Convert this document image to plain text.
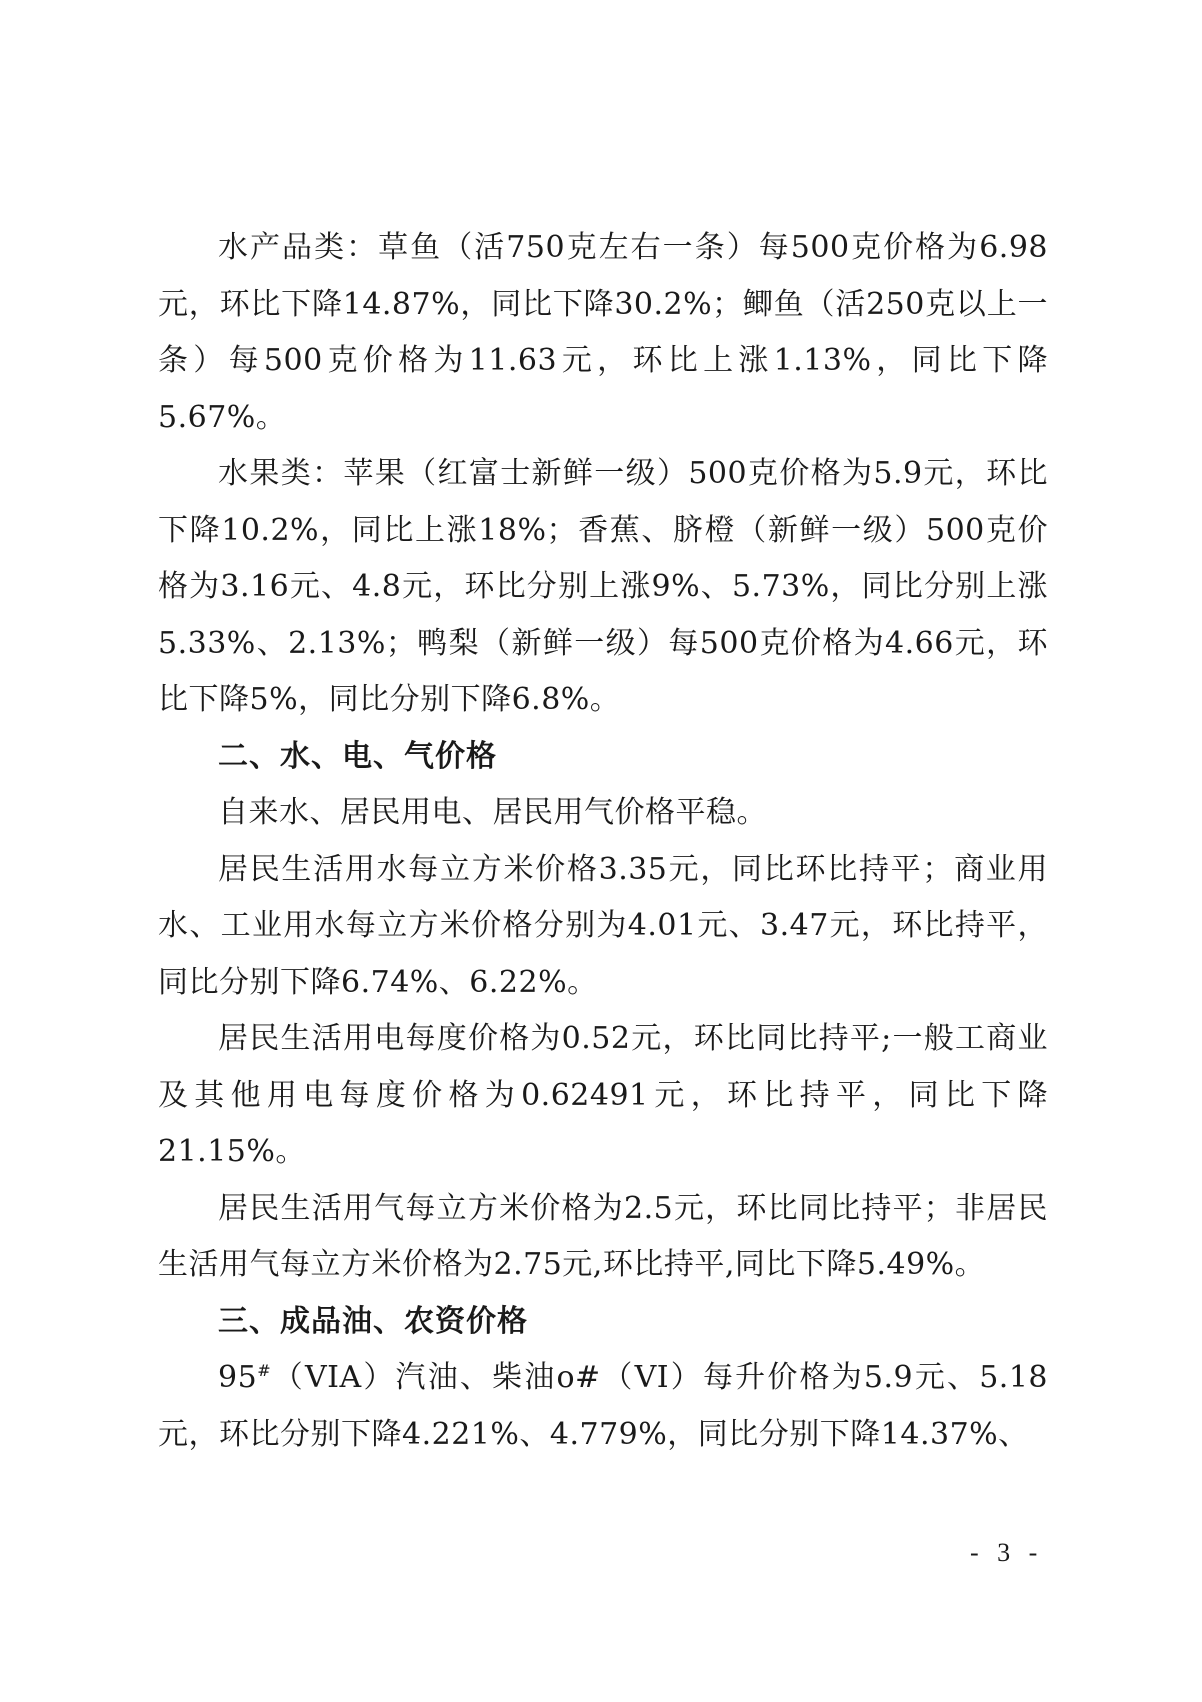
水产品类：草鱼（活750克左右一条）每500克价格为6.98元，环比下降14.87%，同比下降30.2%；鲫鱼（活250克以上一条）每500克价格为11.63元，环比上涨1.13%，同比下降5.67%。

水果类：苹果（红富士新鲜一级）500克价格为5.9元，环比下降10.2%，同比上涨18%；香蕉、脐橙（新鲜一级）500克价格为3.16元、4.8元，环比分别上涨9%、5.73%，同比分别上涨5.33%、2.13%；鸭梨（新鲜一级）每500克价格为4.66元，环比下降5%，同比分别下降6.8%。

二、水、电、气价格

自来水、居民用电、居民用气价格平稳。

居民生活用水每立方米价格3.35元，同比环比持平；商业用水、工业用水每立方米价格分别为4.01元、3.47元，环比持平，同比分别下降6.74%、6.22%。

居民生活用电每度价格为0.52元，环比同比持平;一般工商业及其他用电每度价格为0.62491元，环比持平，同比下降21.15%。

居民生活用气每立方米价格为2.5元，环比同比持平；非居民生活用气每立方米价格为2.75元,环比持平,同比下降5.49%。

三、成品油、农资价格

95#（VIA）汽油、柴油o#（VI）每升价格为5.9元、5.18元，环比分别下降4.221%、4.779%，同比分别下降14.37%、

- 3 -
